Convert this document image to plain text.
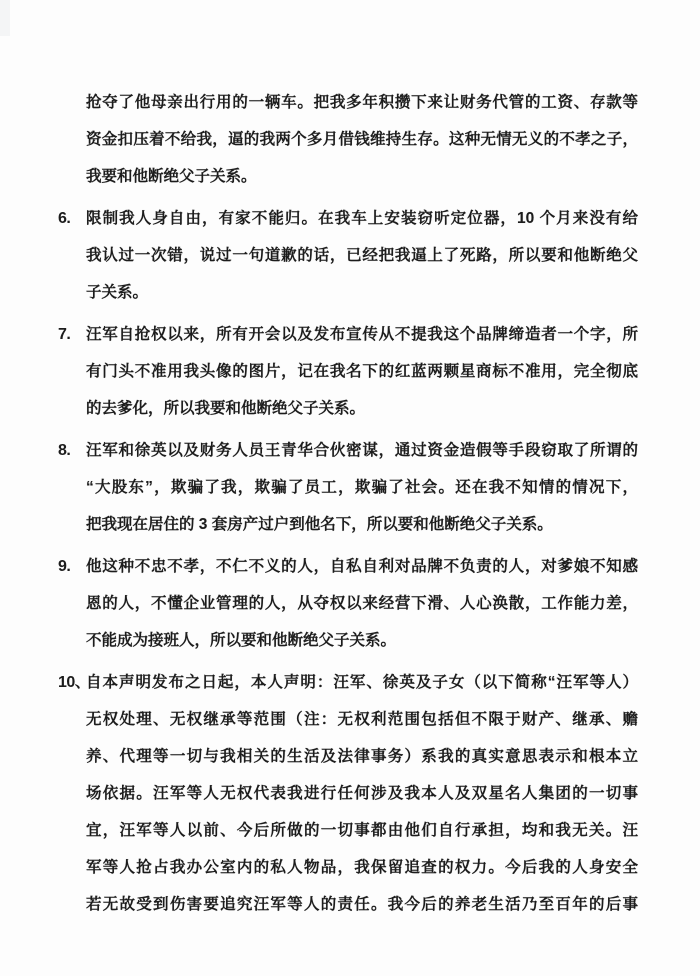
抢夺了他母亲出行用的一辆车。把我多年积攒下来让财务代管的工资、存款等
资金扣压着不给我，逼的我两个多月借钱维持生存。这种无情无义的不孝之子，
我要和他断绝父子关系。
6.	限制我人身自由，有家不能归。在我车上安装窃听定位器，10 个月来没有给
我认过一次错，说过一句道歉的话，已经把我逼上了死路，所以要和他断绝父
子关系。
7.	汪军自抢权以来，所有开会以及发布宣传从不提我这个品牌缔造者一个字，所
有门头不准用我头像的图片，记在我名下的红蓝两颗星商标不准用，完全彻底
的去爹化，所以我要和他断绝父子关系。
8.	汪军和徐英以及财务人员王青华合伙密谋，通过资金造假等手段窃取了所谓的
“大股东”，欺骗了我，欺骗了员工，欺骗了社会。还在我不知情的情况下，
把我现在居住的 3 套房产过户到他名下，所以要和他断绝父子关系。
9.	他这种不忠不孝，不仁不义的人，自私自利对品牌不负责的人，对爹娘不知感
恩的人，不懂企业管理的人，从夺权以来经营下滑、人心涣散，工作能力差，
不能成为接班人，所以要和他断绝父子关系。
10、
自本声明发布之日起，本人声明：汪军、徐英及子女（以下简称“汪军等人）
无权处理、无权继承等范围（注：无权利范围包括但不限于财产、继承、赡
养、代理等一切与我相关的生活及法律事务）系我的真实意思表示和根本立
场依据。汪军等人无权代表我进行任何涉及我本人及双星名人集团的一切事
宜，汪军等人以前、今后所做的一切事都由他们自行承担，均和我无关。汪
军等人抢占我办公室内的私人物品，我保留追查的权力。今后我的人身安全
若无故受到伤害要追究汪军等人的责任。我今后的养老生活乃至百年的后事
